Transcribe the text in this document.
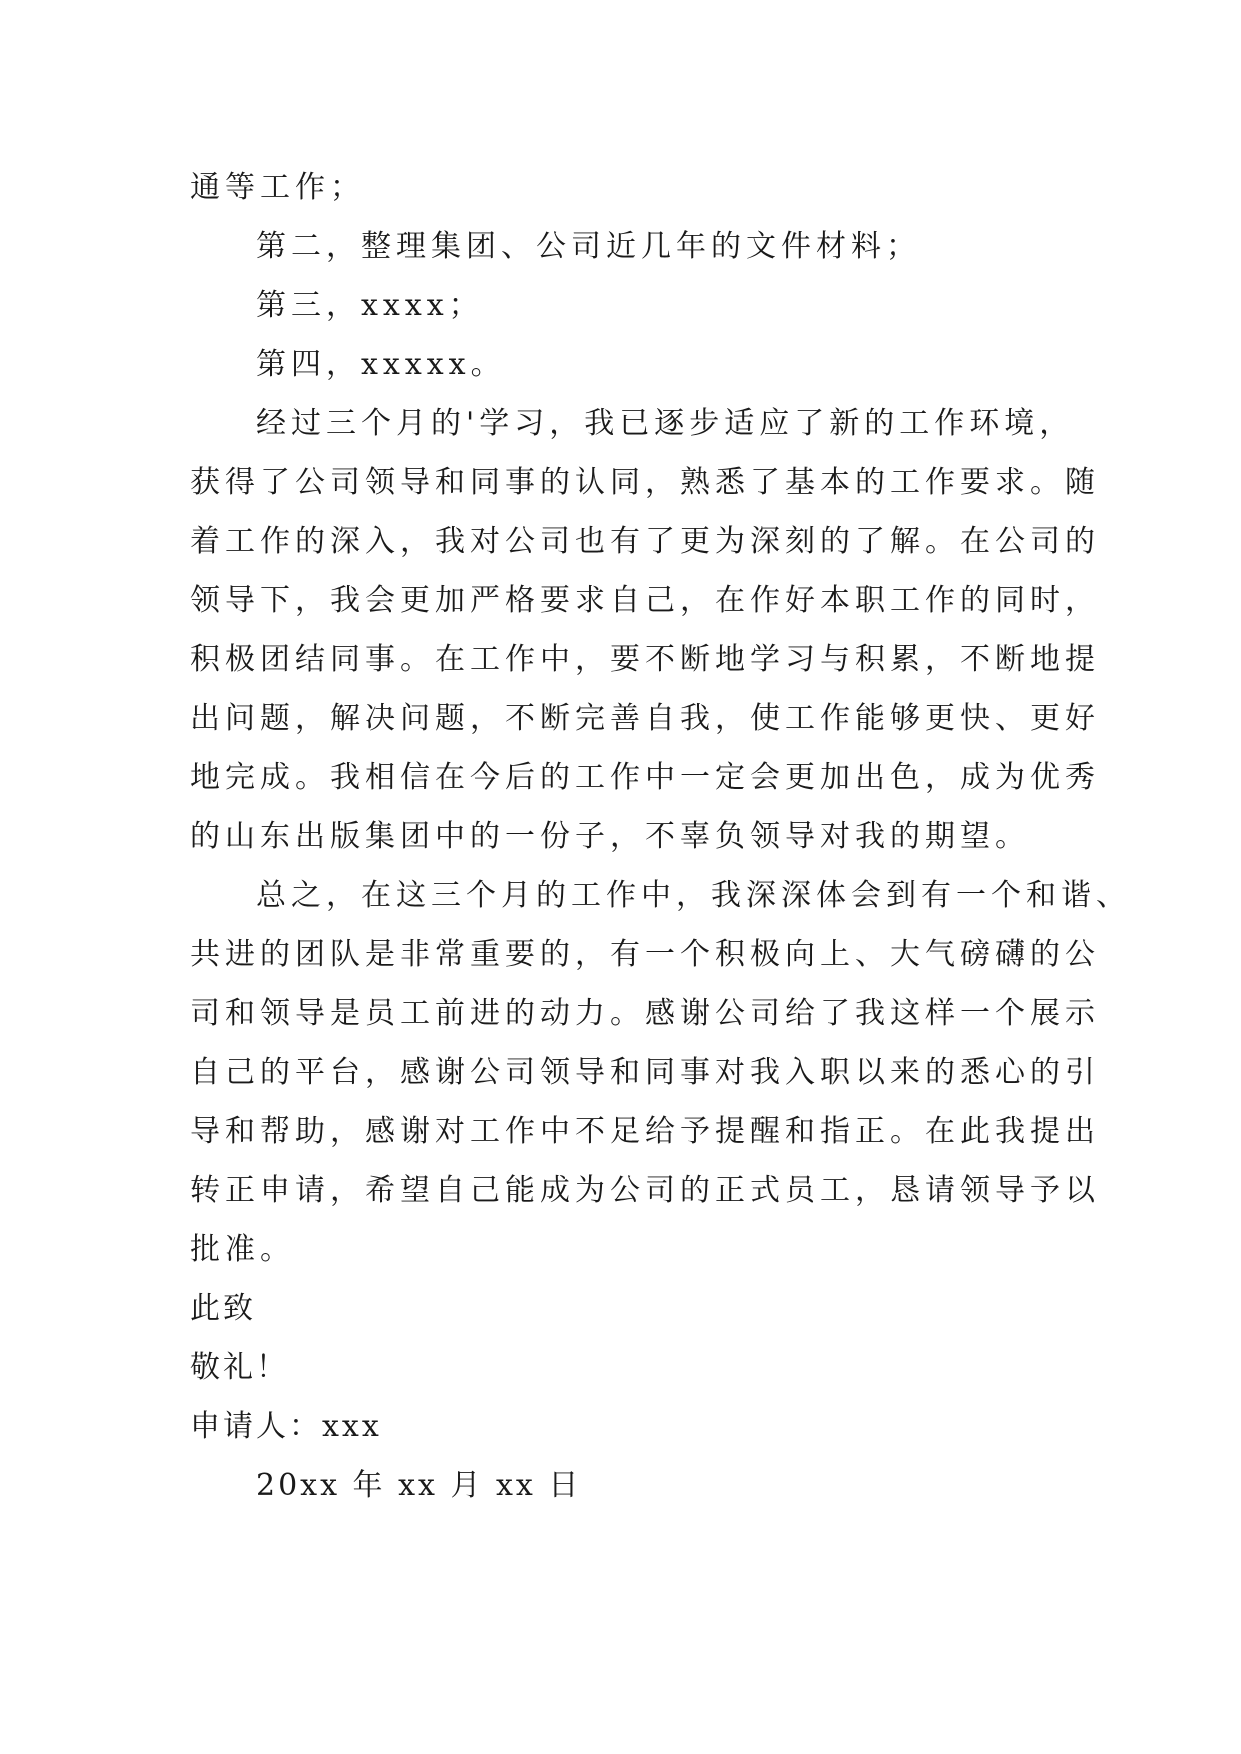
通等工作；
第二，整理集团、公司近几年的文件材料；
第三，xxxx；
第四，xxxxx。
经过三个月的'学习，我已逐步适应了新的工作环境，
获得了公司领导和同事的认同，熟悉了基本的工作要求。随
着工作的深入，我对公司也有了更为深刻的了解。在公司的
领导下，我会更加严格要求自己，在作好本职工作的同时，
积极团结同事。在工作中，要不断地学习与积累，不断地提
出问题，解决问题，不断完善自我，使工作能够更快、更好
地完成。我相信在今后的工作中一定会更加出色，成为优秀
的山东出版集团中的一份子，不辜负领导对我的期望。
总之，在这三个月的工作中，我深深体会到有一个和谐、
共进的团队是非常重要的，有一个积极向上、大气磅礴的公
司和领导是员工前进的动力。感谢公司给了我这样一个展示
自己的平台，感谢公司领导和同事对我入职以来的悉心的引
导和帮助，感谢对工作中不足给予提醒和指正。在此我提出
转正申请，希望自己能成为公司的正式员工，恳请领导予以
批准。
此致
敬礼！
申请人：xxx
20xx 年 xx 月 xx 日
